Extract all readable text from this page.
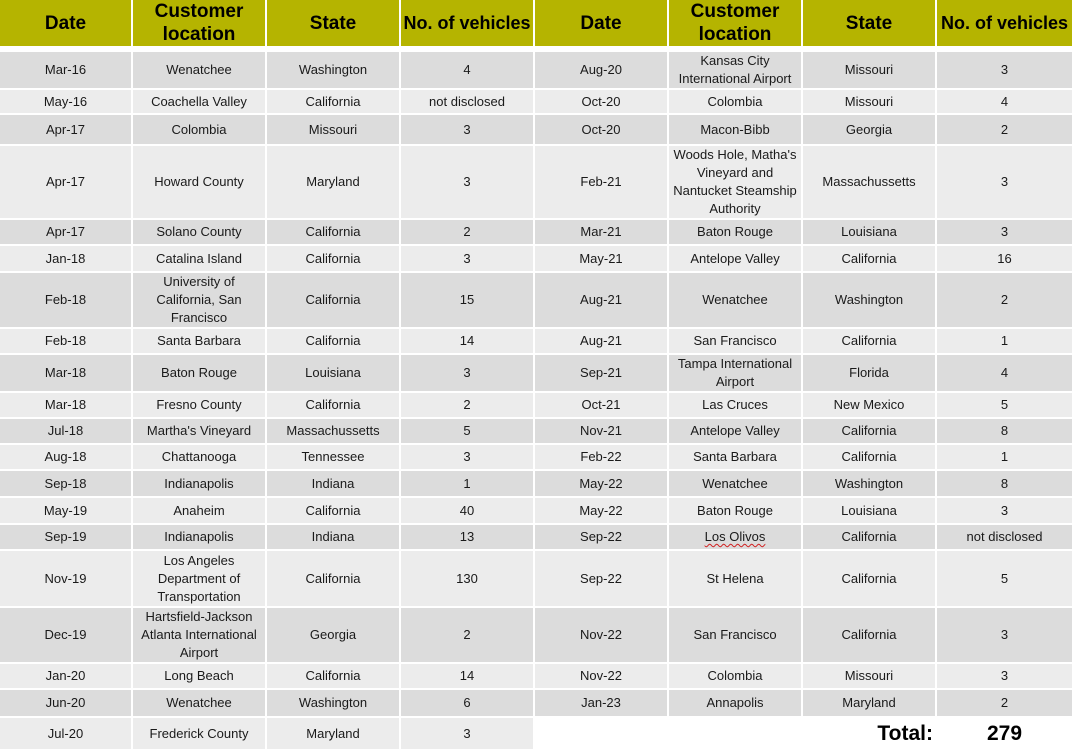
Date	Customer location	State	No. of vehicles	Date	Customer location	State	No. of vehicles

Mar-16	Wenatchee	Washington	4	Aug-20	Kansas City International Airport	Missouri	3
May-16	Coachella Valley	California	not disclosed	Oct-20	Colombia	Missouri	4
Apr-17	Colombia	Missouri	3	Oct-20	Macon-Bibb	Georgia	2
Apr-17	Howard County	Maryland	3	Feb-21	Woods Hole, Matha's Vineyard and Nantucket Steamship Authority	Massachussetts	3
Apr-17	Solano County	California	2	Mar-21	Baton Rouge	Louisiana	3
Jan-18	Catalina Island	California	3	May-21	Antelope Valley	California	16
Feb-18	University of California, San Francisco	California	15	Aug-21	Wenatchee	Washington	2
Feb-18	Santa Barbara	California	14	Aug-21	San Francisco	California	1
Mar-18	Baton Rouge	Louisiana	3	Sep-21	Tampa International Airport	Florida	4
Mar-18	Fresno County	California	2	Oct-21	Las Cruces	New Mexico	5
Jul-18	Martha's Vineyard	Massachussetts	5	Nov-21	Antelope Valley	California	8
Aug-18	Chattanooga	Tennessee	3	Feb-22	Santa Barbara	California	1
Sep-18	Indianapolis	Indiana	1	May-22	Wenatchee	Washington	8
May-19	Anaheim	California	40	May-22	Baton Rouge	Louisiana	3
Sep-19	Indianapolis	Indiana	13	Sep-22	Los Olivos	California	not disclosed
Nov-19	Los Angeles Department of Transportation	California	130	Sep-22	St Helena	California	5
Dec-19	Hartsfield-Jackson Atlanta International Airport	Georgia	2	Nov-22	San Francisco	California	3
Jan-20	Long Beach	California	14	Nov-22	Colombia	Missouri	3
Jun-20	Wenatchee	Washington	6	Jan-23	Annapolis	Maryland	2
Jul-20	Frederick County	Maryland	3			Total:	279
